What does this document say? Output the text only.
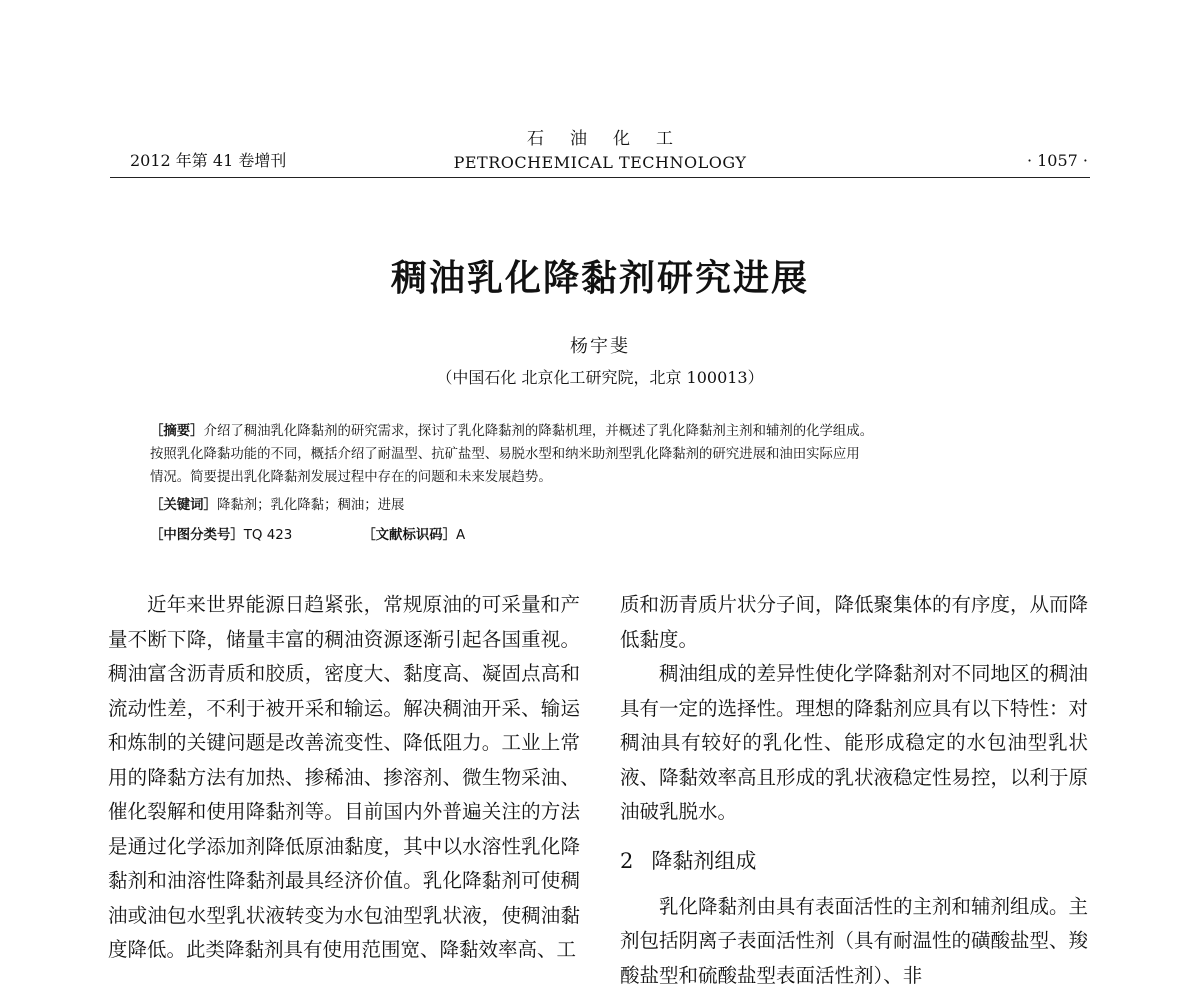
2012 年第 41 卷增刊
石油化工
PETROCHEMICAL TECHNOLOGY	· 1057 ·
稠油乳化降黏剂研究进展
杨宇斐
（中国石化 北京化工研究院，北京 100013）

［摘要］介绍了稠油乳化降黏剂的研究需求，探讨了乳化降黏剂的降黏机理，并概述了乳化降黏剂主剂和辅剂的化学组成。

按照乳化降黏功能的不同，概括介绍了耐温型、抗矿盐型、易脱水型和纳米助剂型乳化降黏剂的研究进展和油田实际应用

情况。简要提出乳化降黏剂发展过程中存在的问题和未来发展趋势。

［关键词］降黏剂；乳化降黏；稠油；进展

［中图分类号］TQ 423	［文献标识码］A

近年来世界能源日趋紧张，常规原油的可采量和产量不断下降，储量丰富的稠油资源逐渐引起各国重视。稠油富含沥青质和胶质，密度大、黏度高、凝固点高和流动性差，不利于被开采和输运。解决稠油开采、输运和炼制的关键问题是改善流变性、降低阻力。工业上常用的降黏方法有加热、掺稀油、掺溶剂、微生物采油、催化裂解和使用降黏剂等。目前国内外普遍关注的方法是通过化学添加剂降低原油黏度，其中以水溶性乳化降黏剂和油溶性降黏剂最具经济价值。乳化降黏剂可使稠油或油包水型乳状液转变为水包油型乳状液，使稠油黏度降低。此类降黏剂具有使用范围宽、降黏效率高、工

质和沥青质片状分子间，降低聚集体的有序度，从而降低黏度。

稠油组成的差异性使化学降黏剂对不同地区的稠油具有一定的选择性。理想的降黏剂应具有以下特性：对稠油具有较好的乳化性、能形成稳定的水包油型乳状液、降黏效率高且形成的乳状液稳定性易控，以利于原油破乳脱水。

2 降黏剂组成

乳化降黏剂由具有表面活性的主剂和辅剂组成。主剂包括阴离子表面活性剂（具有耐温性的磺酸盐型、羧酸盐型和硫酸盐型表面活性剂）、非
